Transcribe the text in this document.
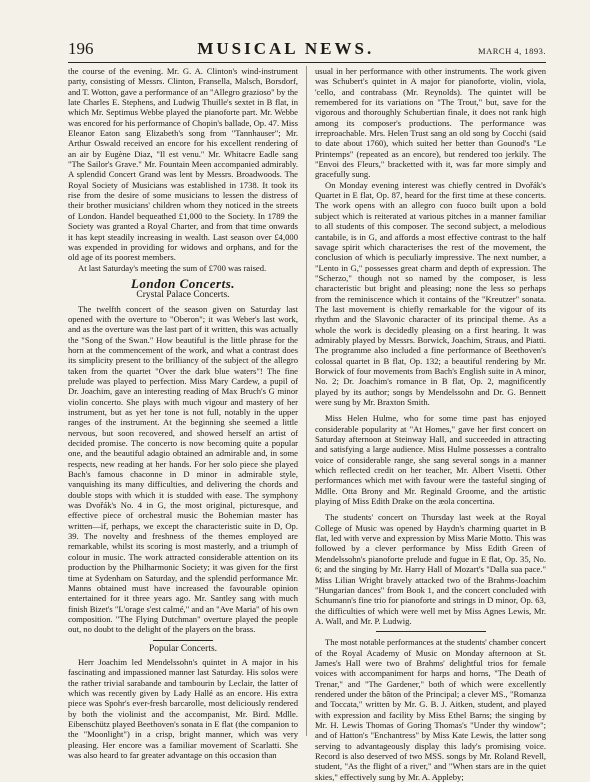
196	MUSICAL NEWS.	MARCH 4, 1893.

the course of the evening. Mr. G. A. Clinton's wind-instrument party, consisting of Messrs. Clinton, Fransella, Malsch, Borsdorf, and T. Wotton, gave a performance of an "Allegro grazioso" by the late Charles E. Stephens, and Ludwig Thuille's sextet in B flat, in which Mr. Septimus Webbe played the pianoforte part. Mr. Webbe was encored for his performance of Chopin's ballade, Op. 47. Miss Eleanor Eaton sang Elizabeth's song from "Tannhauser"; Mr. Arthur Oswald received an encore for his excellent rendering of an air by Eugène Diaz, "Il est venu." Mr. Whitacre Eadle sang "The Sailor's Grave." Mr. Fountain Meen accompanied admirably. A splendid Concert Grand was lent by Messrs. Broadwoods. The Royal Society of Musicians was established in 1738. It took its rise from the desire of some musicians to lessen the distress of their brother musicians' children whom they noticed in the streets of London. Handel bequeathed £1,000 to the Society. In 1789 the Society was granted a Royal Charter, and from that time onwards it has kept steadily increasing in wealth. Last season over £4,000 was expended in providing for widows and orphans, and for the old age of its poorest members.

At last Saturday's meeting the sum of £700 was raised.

London Concerts.
Crystal Palace Concerts.

The twelfth concert of the season given on Saturday last opened with the overture to "Oberon"; it was Weber's last work, and as the overture was the last part of it written, this was actually the "Song of the Swan." How beautiful is the little phrase for the horn at the commencement of the work, and what a contrast does its simplicity present to the brilliancy of the subject of the allegro taken from the quartet "Over the dark blue waters"! The fine prelude was played to perfection. Miss Mary Cardew, a pupil of Dr. Joachim, gave an interesting reading of Max Bruch's G minor violin concerto. She plays with much vigour and mastery of her instrument, but as yet her tone is not full, notably in the upper ranges of the instrument. At the beginning she seemed a little nervous, but soon recovered, and showed herself an artist of decided promise. The concerto is now becoming quite a popular one, and the beautiful adagio obtained an admirable and, in some respects, new reading at her hands. For her solo piece she played Bach's famous chaconne in D minor in admirable style, vanquishing its many difficulties, and delivering the chords and double stops with which it is studded with ease. The symphony was Dvořák's No. 4 in G, the most original, picturesque, and effective piece of orchestral music the Bohemian master has written—if, perhaps, we except the characteristic suite in D, Op. 39. The novelty and freshness of the themes employed are remarkable, whilst its scoring is most masterly, and a triumph of colour in music. The work attracted considerable attention on its production by the Philharmonic Society; it was given for the first time at Sydenham on Saturday, and the splendid performance Mr. Manns obtained must have increased the favourable opinion entertained for it three years ago. Mr. Santley sang with much finish Bizet's "L'orage s'est calmé," and an "Ave Maria" of his own composition. "The Flying Dutchman" overture played the people out, no doubt to the delight of the players on the brass.

Popular Concerts.

Herr Joachim led Mendelssohn's quintet in A major in his fascinating and impassioned manner last Saturday. His solos were the rather trivial sarabande and tambourin by Leclair, the latter of which was recently given by Lady Hallé as an encore. His extra piece was Spohr's ever-fresh barcarolle, most deliciously rendered by both the violinist and the accompanist, Mr. Bird. Mdlle. Eibenschütz played Beethoven's sonata in E flat (the companion to the "Moonlight") in a crisp, bright manner, which was very pleasing. Her encore was a familiar movement of Scarlatti. She was also heard to far greater advantage on this occasion than

usual in her performance with other instruments. The work given was Schubert's quintet in A major for pianoforte, violin, viola, 'cello, and contrabass (Mr. Reynolds). The quintet will be remembered for its variations on "The Trout," but, save for the vigorous and thoroughly Schubertian finale, it does not rank high among its composer's productions. The performance was irreproachable. Mrs. Helen Trust sang an old song by Cocchi (said to date about 1760), which suited her better than Gounod's "Le Printemps" (repeated as an encore), but rendered too jerkily. The "Envoi des Fleurs," bracketted with it, was far more simply and gracefully sung.

On Monday evening interest was chiefly centred in Dvořák's Quartet in E flat, Op. 87, heard for the first time at these concerts. The work opens with an allegro con fuoco built upon a bold subject which is reiterated at various pitches in a manner familiar to all students of this composer. The second subject, a melodious cantabile, is in G, and affords a most effective contrast to the half savage spirit which characterises the rest of the movement, the conclusion of which is peculiarly impressive. The next number, a "Lento in G," possesses great charm and depth of expression. The "Scherzo," though not so named by the composer, is less characteristic but bright and pleasing; none the less so perhaps from the reminiscence which it contains of the "Kreutzer" sonata. The last movement is chiefly remarkable for the vigour of its rhythm and the Slavonic character of its principal theme. As a whole the work is decidedly pleasing on a first hearing. It was admirably played by Messrs. Borwick, Joachim, Straus, and Piatti. The programme also included a fine performance of Beethoven's colossal quartet in B flat, Op. 132; a beautiful rendering by Mr. Borwick of four movements from Bach's English suite in A minor, No. 2; Dr. Joachim's romance in B flat, Op. 2, magnificently played by its author; songs by Mendelssohn and Dr. G. Bennett were sung by Mr. Braxton Smith.

Miss Helen Hulme, who for some time past has enjoyed considerable popularity at "At Homes," gave her first concert on Saturday afternoon at Steinway Hall, and succeeded in attracting and satisfying a large audience. Miss Hulme possesses a contralto voice of considerable range, she sang several songs in a manner which reflected credit on her teacher, Mr. Albert Visetti. Other performances which met with favour were the tasteful singing of Mdlle. Otta Brony and Mr. Reginald Groome, and the artistic playing of Miss Edith Drake on the æola concertina.

The students' concert on Thursday last week at the Royal College of Music was opened by Haydn's charming quartet in B flat, led with verve and expression by Miss Marie Motto. This was followed by a clever performance by Miss Edith Green of Mendelssohn's pianoforte prelude and fugue in E flat, Op. 35, No. 6; and the singing by Mr. Harry Hall of Mozart's "Dalla sua pace." Miss Lilian Wright bravely attacked two of the Brahms-Joachim "Hungarian dances" from Book 1, and the concert concluded with Schumann's fine trio for pianoforte and strings in D minor, Op. 63, the difficulties of which were well met by Miss Agnes Lewis, Mr. A. Wall, and Mr. P. Ludwig.

The most notable performances at the students' chamber concert of the Royal Academy of Music on Monday afternoon at St. James's Hall were two of Brahms' delightful trios for female voices with accompaniment for harps and horns, "The Death of Trenar," and "The Gardener," both of which were excellently rendered under the bâton of the Principal; a clever MS., "Romanza and Toccata," written by Mr. G. B. J. Aitken, student, and played with expression and facility by Miss Ethel Barns; the singing by Mr. H. Lewis Thomas of Goring Thomas's "Under thy window"; and of Hatton's "Enchantress" by Miss Kate Lewis, the latter song serving to advantageously display this lady's promising voice. Record is also deserved of two MSS. songs by Mr. Roland Revell, student, "As the flight of a river," and "When stars are in the quiet skies," effectively sung by Mr. A. Appleby;
